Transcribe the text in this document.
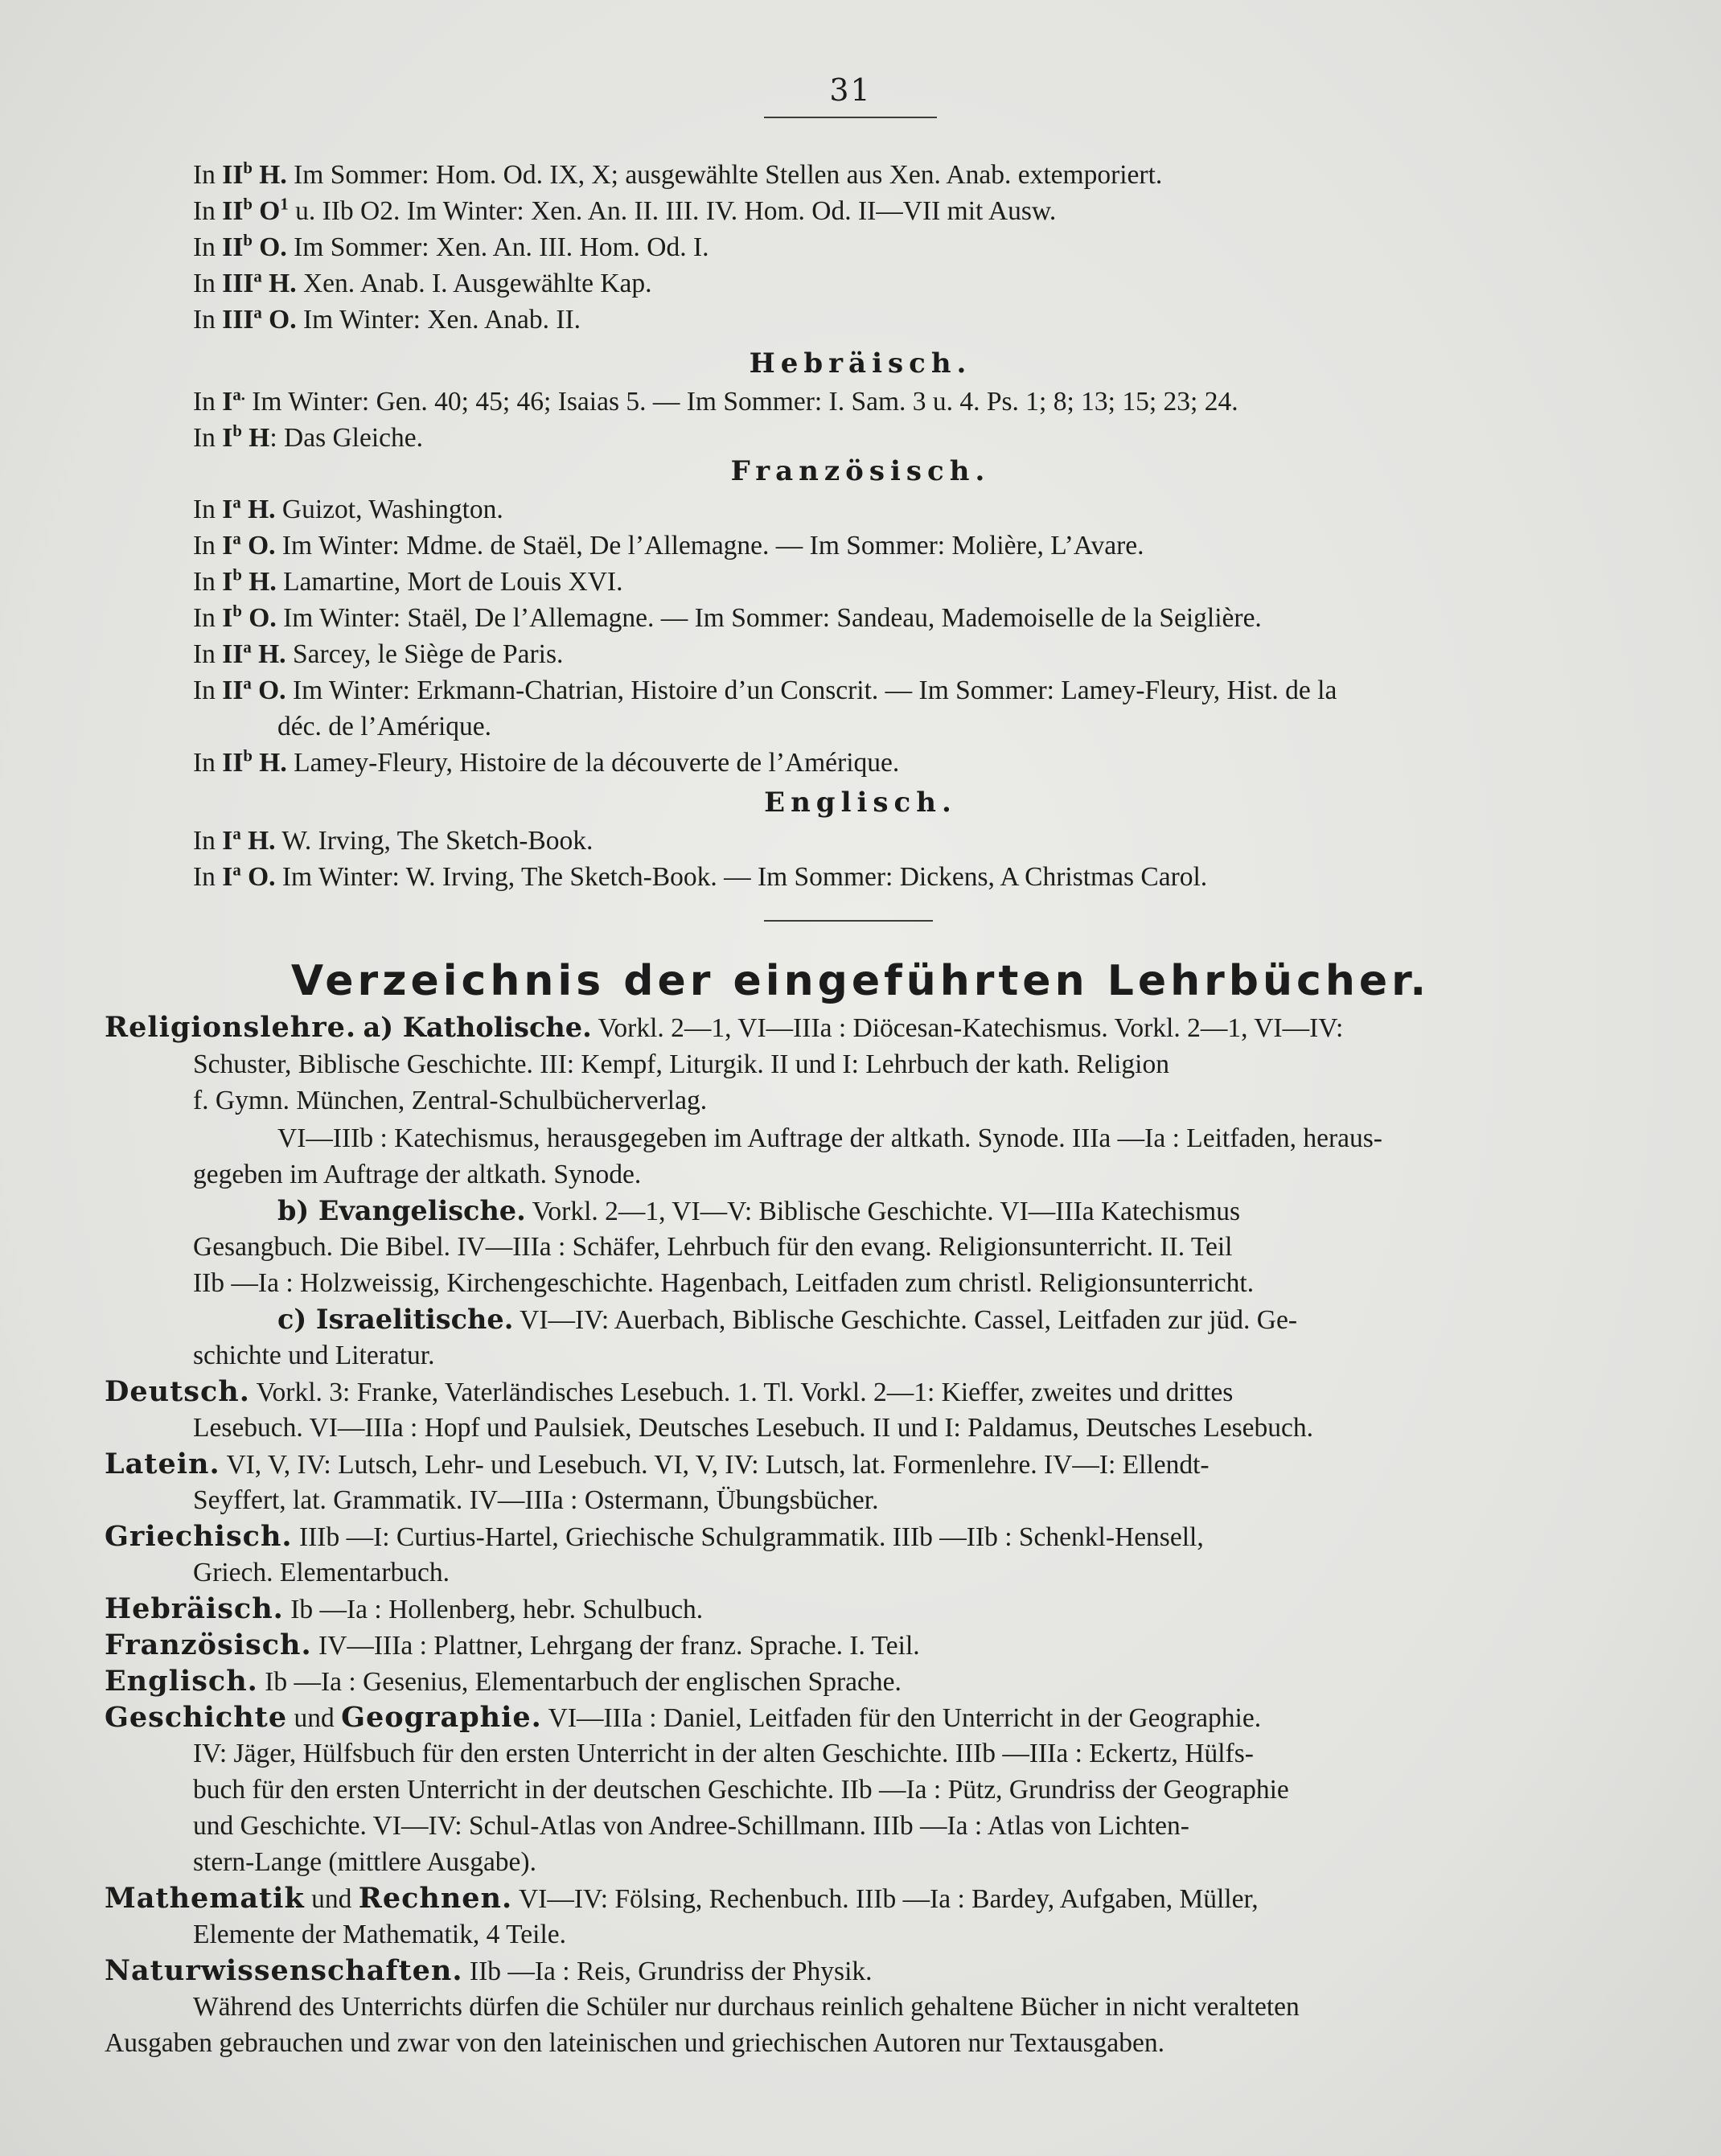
31
In $II^b$ H. Im Sommer: Hom. Od. IX, X; ausgewählte Stellen aus Xen. Anab. extemporiert.
In $II^b$ $O^1$ u. IIb O2. Im Winter: Xen. An. II. III. IV. Hom. Od. II—VII mit Ausw.
In $II^b$ O. Im Sommer: Xen. An. III. Hom. Od. I.
In III$^a$ H. Xen. Anab. I. Ausgewählte Kap.
In III$^a$ O. Im Winter: Xen. Anab. II.
Hebräisch.
In $I^{a.}$ Im Winter: Gen. 40; 45; 46; Isaias 5. — Im Sommer: I. Sam. 3 u. 4. Ps. 1; 8; 13; 15; 23; 24.
In $I^b$ H: Das Gleiche.
Französisch.
In $I^a$ H. Guizot, Washington.
In $I^a$ O. Im Winter: Mdme. de Staël, De l’Allemagne. — Im Sommer: Molière, L’Avare.
In $I^b$ H. Lamartine, Mort de Louis XVI.
In $I^b$ O. Im Winter: Staël, De l’Allemagne. — Im Sommer: Sandeau, Mademoiselle de la Seiglière.
In $II^a$ H. Sarcey, le Siège de Paris.
In $II^a$ O. Im Winter: Erkmann-Chatrian, Histoire d’un Conscrit. — Im Sommer: Lamey-Fleury, Hist. de la
déc. de l’Amérique.
In $II^b$ H. Lamey-Fleury, Histoire de la découverte de l’Amérique.
Englisch.
In $I^a$ H. W. Irving, The Sketch-Book.
In $I^a$ O. Im Winter: W. Irving, The Sketch-Book. — Im Sommer: Dickens, A Christmas Carol.
Verzeichnis der eingeführten Lehrbücher.
Religionslehre. a) Katholische. Vorkl. 2—1, VI—IIIa : Diöcesan-Katechismus. Vorkl. 2—1, VI—IV:
Schuster, Biblische Geschichte. III: Kempf, Liturgik. II und I: Lehrbuch der kath. Religion
f. Gymn. München, Zentral-Schulbücherverlag.
VI—IIIb : Katechismus, herausgegeben im Auftrage der altkath. Synode. IIIa —Ia : Leitfaden, heraus-
gegeben im Auftrage der altkath. Synode.
b) Evangelische. Vorkl. 2—1, VI—V: Biblische Geschichte. VI—IIIa Katechismus
Gesangbuch. Die Bibel. IV—IIIa : Schäfer, Lehrbuch für den evang. Religionsunterricht. II. Teil
IIb —Ia : Holzweissig, Kirchengeschichte. Hagenbach, Leitfaden zum christl. Religionsunterricht.
c) Israelitische. VI—IV: Auerbach, Biblische Geschichte. Cassel, Leitfaden zur jüd. Ge-
schichte und Literatur.
Deutsch. Vorkl. 3: Franke, Vaterländisches Lesebuch. 1. Tl. Vorkl. 2—1: Kieffer, zweites und drittes
Lesebuch. VI—IIIa : Hopf und Paulsiek, Deutsches Lesebuch. II und I: Paldamus, Deutsches Lesebuch.
Latein. VI, V, IV: Lutsch, Lehr- und Lesebuch. VI, V, IV: Lutsch, lat. Formenlehre. IV—I: Ellendt-
Seyffert, lat. Grammatik. IV—IIIa : Ostermann, Übungsbücher.
Griechisch. IIIb —I: Curtius-Hartel, Griechische Schulgrammatik. IIIb —IIb : Schenkl-Hensell,
Griech. Elementarbuch.
Hebräisch. Ib —Ia : Hollenberg, hebr. Schulbuch.
Französisch. IV—IIIa : Plattner, Lehrgang der franz. Sprache. I. Teil.
Englisch. Ib —Ia : Gesenius, Elementarbuch der englischen Sprache.
Geschichte und Geographie. VI—IIIa : Daniel, Leitfaden für den Unterricht in der Geographie.
IV: Jäger, Hülfsbuch für den ersten Unterricht in der alten Geschichte. IIIb —IIIa : Eckertz, Hülfs-
buch für den ersten Unterricht in der deutschen Geschichte. IIb —Ia : Pütz, Grundriss der Geographie
und Geschichte. VI—IV: Schul-Atlas von Andree-Schillmann. IIIb —Ia : Atlas von Lichten-
stern-Lange (mittlere Ausgabe).
Mathematik und Rechnen. VI—IV: Fölsing, Rechenbuch. IIIb —Ia : Bardey, Aufgaben, Müller,
Elemente der Mathematik, 4 Teile.
Naturwissenschaften. IIb —Ia : Reis, Grundriss der Physik.
Während des Unterrichts dürfen die Schüler nur durchaus reinlich gehaltene Bücher in nicht veralteten
Ausgaben gebrauchen und zwar von den lateinischen und griechischen Autoren nur Textausgaben.
